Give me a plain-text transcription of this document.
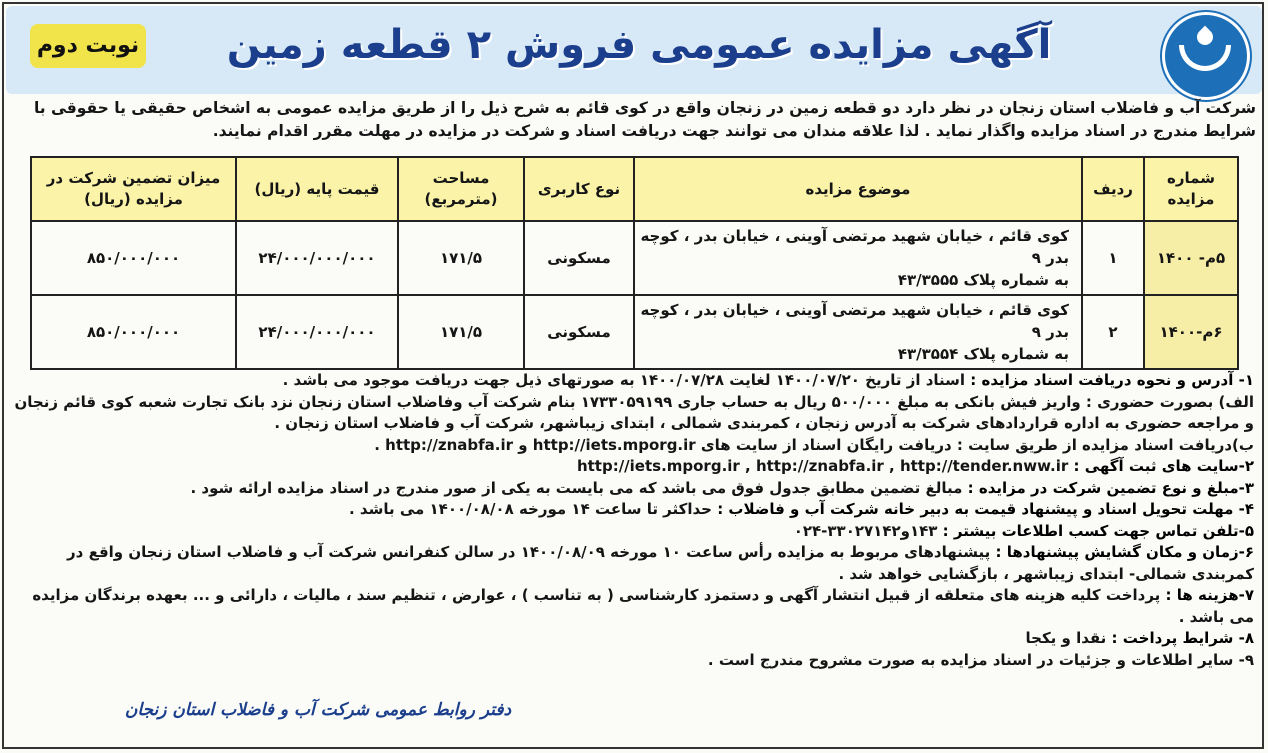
آگهی مزایده عمومی فروش ۲ قطعه زمین
نوبت دوم
شرکت آب و فاضلاب استان زنجان در نظر دارد دو قطعه زمین در زنجان واقع در کوی قائم به شرح ذیل را از طریق مزایده عمومی به اشخاص حقیقی یا حقوقی با شرایط مندرج در اسناد مزایده واگذار نماید . لذا علاقه مندان می توانند جهت دریافت اسناد و شرکت در مزایده در مهلت مقرر اقدام نمایند.
شماره مزایده	ردیف	موضوع مزایده	نوع کاربری	مساحت (مترمربع)	قیمت پایه (ریال)	میزان تضمین شرکت در مزایده (ریال)
۵م- ۱۴۰۰	۱	کوی قائم ، خیابان شهید مرتضی آوینی ، خیابان بدر ، کوچه بدر ۹
به شماره پلاک ۴۳/۳۵۵۵	مسکونی	۱۷۱/۵	۲۴/۰۰۰/۰۰۰/۰۰۰	۸۵۰/۰۰۰/۰۰۰
۶م-۱۴۰۰	۲	کوی قائم ، خیابان شهید مرتضی آوینی ، خیابان بدر ، کوچه بدر ۹
به شماره پلاک ۴۳/۳۵۵۴	مسکونی	۱۷۱/۵	۲۴/۰۰۰/۰۰۰/۰۰۰	۸۵۰/۰۰۰/۰۰۰

۱- آدرس و نحوه دریافت اسناد مزایده : اسناد از تاریخ ۱۴۰۰/۰۷/۲۰ لغایت ۱۴۰۰/۰۷/۲۸ به صورتهای ذیل جهت دریافت موجود می باشد .

الف) بصورت حضوری : واریز فیش بانکی به مبلغ ۵۰۰/۰۰۰ ریال به حساب جاری ۱۷۳۳۰۵۹۱۹۹ بنام شرکت آب وفاضلاب استان زنجان نزد بانک تجارت شعبه کوی قائم زنجان و مراجعه حضوری به اداره قراردادهای شرکت به آدرس زنجان ، کمربندی شمالی ، ابتدای زیباشهر، شرکت آب و فاضلاب استان زنجان .

ب)دریافت اسناد مزایده از طریق سایت : دریافت رایگان اسناد از سایت های http://iets.mporg.ir و http://znabfa.ir .

۲-سایت های ثبت آگهی : http://iets.mporg.ir , http://znabfa.ir , http://tender.nww.ir

۳-مبلغ و نوع تضمین شرکت در مزایده : مبالغ تضمین مطابق جدول فوق می باشد که می بایست به یکی از صور مندرج در اسناد مزایده ارائه شود .

۴- مهلت تحویل اسناد و پیشنهاد قیمت به دبیر خانه شرکت آب و فاضلاب : حداکثر تا ساعت ۱۴ مورخه ۱۴۰۰/۰۸/۰۸ می باشد .

۵-تلفن تماس جهت کسب اطلاعات بیشتر : ۱۴۳و۳۳۰۲۷۱۴۲-۰۲۴

۶-زمان و مکان گشایش پیشنهادها : پیشنهادهای مربوط به مزایده رأس ساعت ۱۰ مورخه ۱۴۰۰/۰۸/۰۹ در سالن کنفرانس شرکت آب و فاضلاب استان زنجان واقع در کمربندی شمالی- ابتدای زیباشهر ، بازگشایی خواهد شد .

۷-هزینه ها : پرداخت کلیه هزینه های متعلقه از قبیل انتشار آگهی و دستمزد کارشناسی ( به تناسب ) ، عوارض ، تنظیم سند ، مالیات ، دارائی و ... بعهده برندگان مزایده می باشد .

۸- شرایط پرداخت : نقدا و یکجا

۹- سایر اطلاعات و جزئیات در اسناد مزایده به صورت مشروح مندرج است .

دفتر روابط عمومی شرکت آب و فاضلاب استان زنجان
